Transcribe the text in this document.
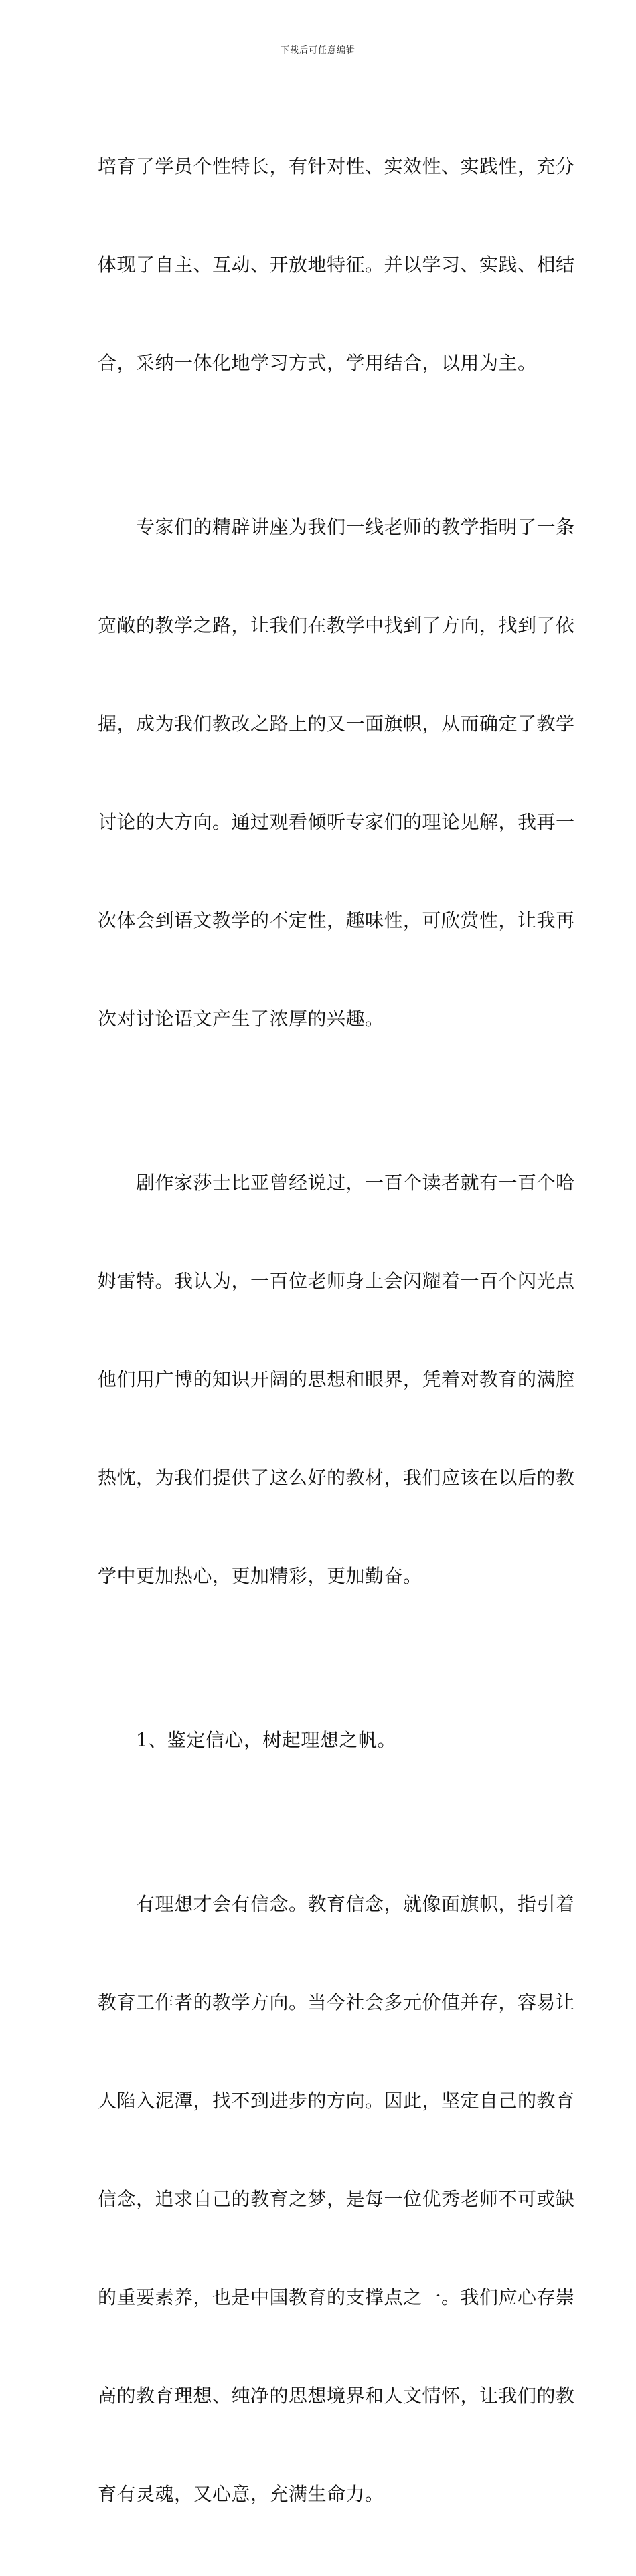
下载后可任意编辑

培育了学员个性特长，有针对性、实效性、实践性，充分

体现了自主、互动、开放地特征。并以学习、实践、相结

合，采纳一体化地学习方式，学用结合，以用为主。

　　专家们的精辟讲座为我们一线老师的教学指明了一条

宽敞的教学之路，让我们在教学中找到了方向，找到了依

据，成为我们教改之路上的又一面旗帜，从而确定了教学

讨论的大方向。通过观看倾听专家们的理论见解，我再一

次体会到语文教学的不定性，趣味性，可欣赏性，让我再

次对讨论语文产生了浓厚的兴趣。

　　剧作家莎士比亚曾经说过，一百个读者就有一百个哈

姆雷特。我认为，一百位老师身上会闪耀着一百个闪光点

他们用广博的知识开阔的思想和眼界，凭着对教育的满腔

热忱，为我们提供了这么好的教材，我们应该在以后的教

学中更加热心，更加精彩，更加勤奋。

　　1、鉴定信心，树起理想之帆。

　　有理想才会有信念。教育信念，就像面旗帜，指引着

教育工作者的教学方向。当今社会多元价值并存，容易让

人陷入泥潭，找不到进步的方向。因此，坚定自己的教育

信念，追求自己的教育之梦，是每一位优秀老师不可或缺

的重要素养，也是中国教育的支撑点之一。我们应心存崇

高的教育理想、纯净的思想境界和人文情怀，让我们的教

育有灵魂，又心意，充满生命力。
